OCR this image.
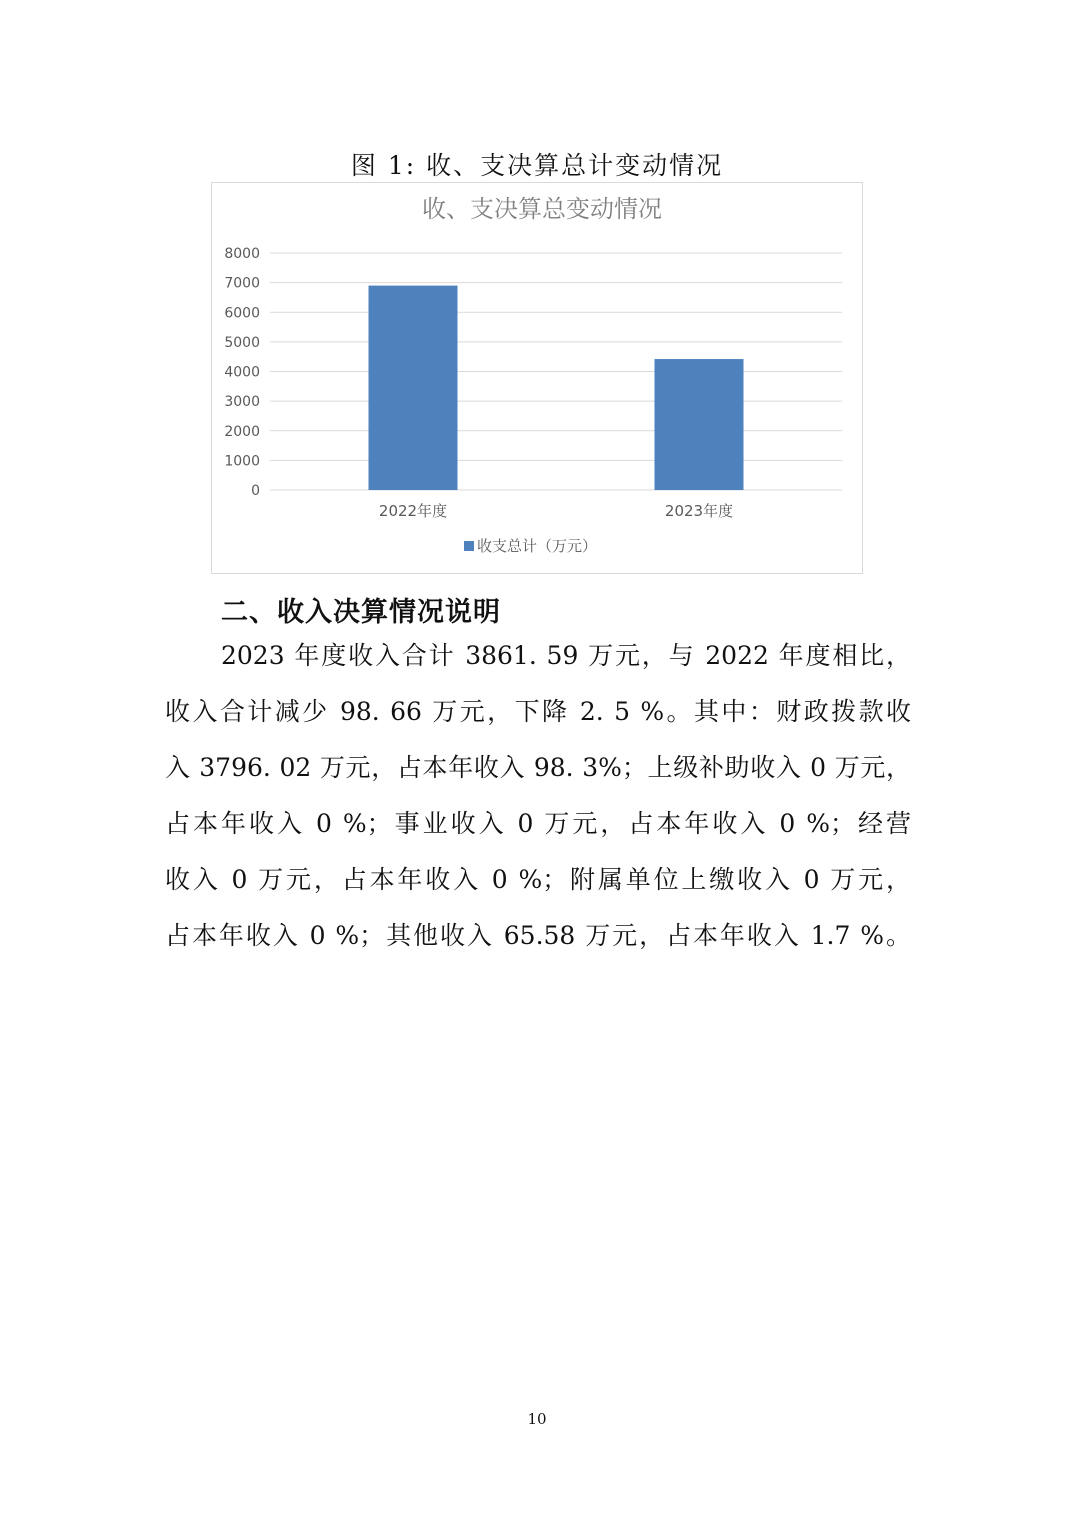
图 1: 收、支决算总计变动情况
收、支决算总变动情况
0
1000
2000
3000
4000
5000
6000
7000
8000
2022年度	2023年度
收支总计（万元）
二、收入决算情况说明
2023 年度收入合计 3861. 59 万元，与 2022 年度相比，
收入合计减少 98. 66 万元，下降 2. 5 %。其中：财政拨款收
入 3796. 02 万元，占本年收入 98. 3%；上级补助收入 0 万元，
占本年收入 0 %；事业收入 0 万元，占本年收入 0 %；经营
收入 0 万元，占本年收入 0 %；附属单位上缴收入 0 万元，
占本年收入 0 %；其他收入 65.58 万元，占本年收入 1.7 %。
10
